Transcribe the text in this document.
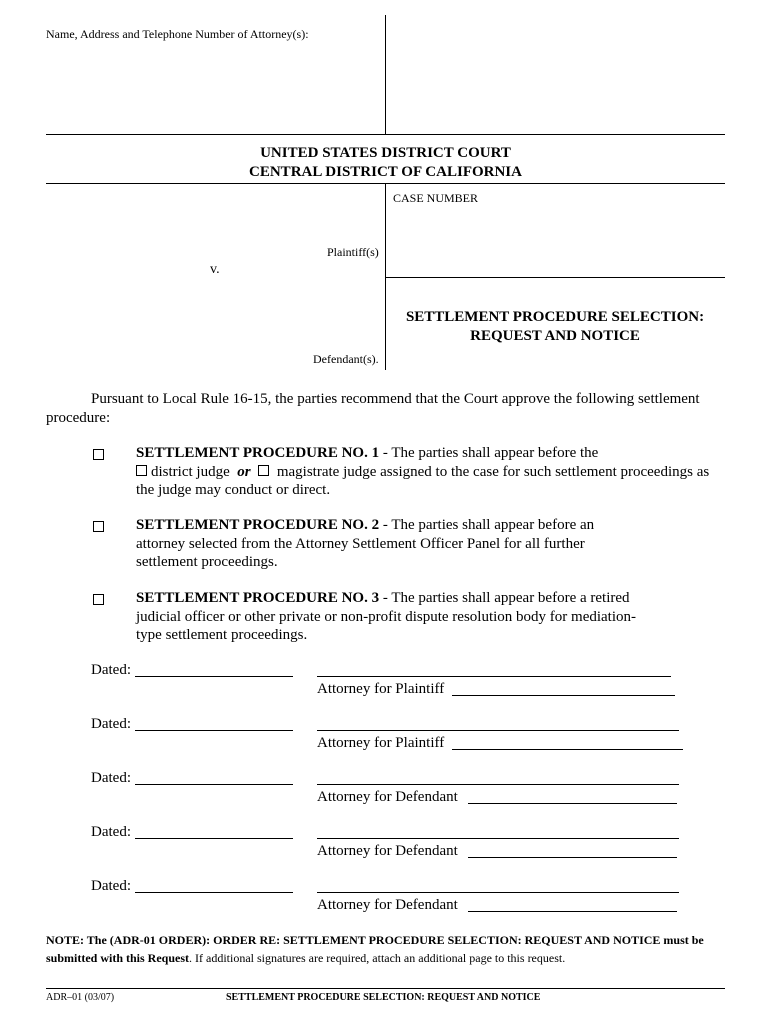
Name, Address and Telephone Number of Attorney(s):
UNITED STATES DISTRICT COURT
CENTRAL DISTRICT OF CALIFORNIA
CASE NUMBER
Plaintiff(s)
v.
Defendant(s).
SETTLEMENT PROCEDURE SELECTION:
REQUEST AND NOTICE
Pursuant to Local Rule 16-15, the parties recommend that the Court approve the following settlement procedure:
SETTLEMENT PROCEDURE NO. 1 - The parties shall appear before the
district judge or magistrate judge assigned to the case for such settlement proceedings as
the judge may conduct or direct.
SETTLEMENT PROCEDURE NO. 2 - The parties shall appear before an
attorney selected from the Attorney Settlement Officer Panel for all further
settlement proceedings.
SETTLEMENT PROCEDURE NO. 3 - The parties shall appear before a retired
judicial officer or other private or non-profit dispute resolution body for mediation-
type settlement proceedings.
Dated:
Attorney for Plaintiff
Dated:
Attorney for Plaintiff
Dated:
Attorney for Defendant
Dated:
Attorney for Defendant
Dated:
Attorney for Defendant
NOTE: The (ADR-01 ORDER): ORDER RE: SETTLEMENT PROCEDURE SELECTION: REQUEST AND NOTICE must be submitted with this Request. If additional signatures are required, attach an additional page to this request.
ADR–01 (03/07)	SETTLEMENT PROCEDURE SELECTION: REQUEST AND NOTICE
